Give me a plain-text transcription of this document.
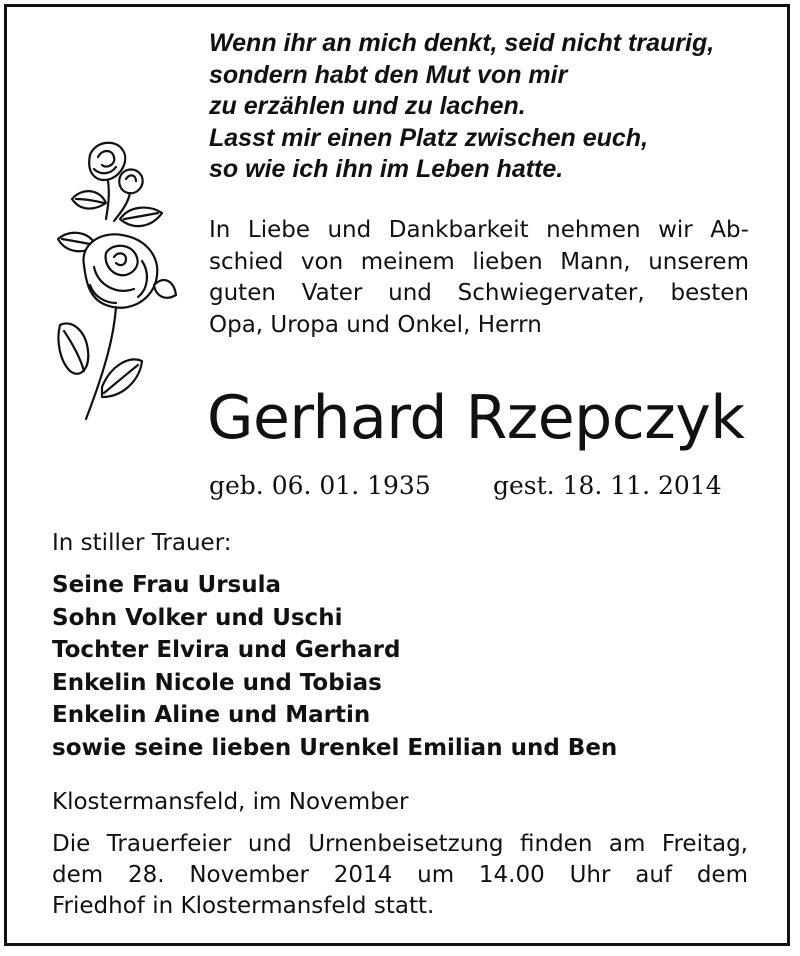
Wenn ihr an mich denkt, seid nicht traurig,
sondern habt den Mut von mir
zu erzählen und zu lachen.
Lasst mir einen Platz zwischen euch,
so wie ich ihn im Leben hatte.
In Liebe und Dankbarkeit nehmen wir Ab-
schied von meinem lieben Mann, unserem
guten Vater und Schwiegervater, besten
Opa, Uropa und Onkel, Herrn
Gerhard Rzepczyk
geb. 06. 01. 1935 gest. 18. 11. 2014
In stiller Trauer:
Seine Frau Ursula
Sohn Volker und Uschi
Tochter Elvira und Gerhard
Enkelin Nicole und Tobias
Enkelin Aline und Martin
sowie seine lieben Urenkel Emilian und Ben
Klostermansfeld, im November
Die Trauerfeier und Urnenbeisetzung finden am Freitag,
dem 28. November 2014 um 14.00 Uhr auf dem
Friedhof in Klostermansfeld statt.
